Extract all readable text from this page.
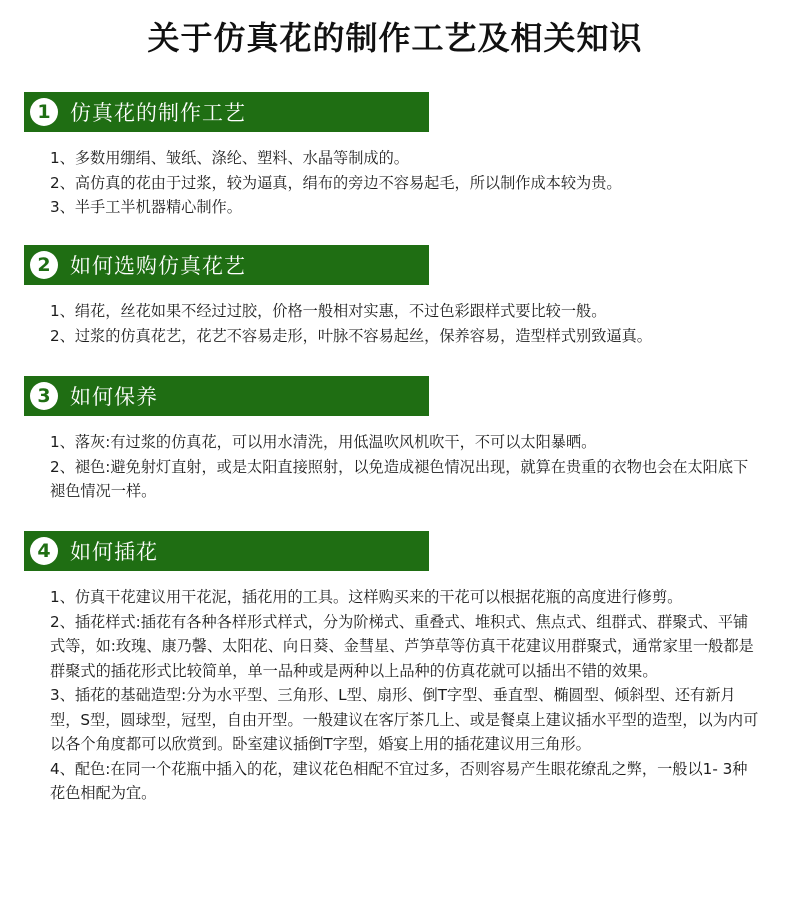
关于仿真花的制作工艺及相关知识
1 仿真花的制作工艺
1、多数用绷绢、皱纸、涤纶、塑料、水晶等制成的。
2、高仿真的花由于过浆，较为逼真，绢布的旁边不容易起毛，所以制作成本较为贵。
3、半手工半机器精心制作。
2 如何选购仿真花艺
1、绢花，丝花如果不经过过胶，价格一般相对实惠，不过色彩跟样式要比较一般。
2、过浆的仿真花艺，花艺不容易走形，叶脉不容易起丝，保养容易，造型样式别致逼真。
3 如何保养
1、落灰:有过浆的仿真花，可以用水清洗，用低温吹风机吹干，不可以太阳暴晒。
2、褪色:避免射灯直射，或是太阳直接照射，以免造成褪色情况出现，就算在贵重的衣物也会在太阳底下褪色情况一样。
4 如何插花
1、仿真干花建议用干花泥，插花用的工具。这样购买来的干花可以根据花瓶的高度进行修剪。
2、插花样式:插花有各种各样形式样式，分为阶梯式、重叠式、堆积式、焦点式、组群式、群聚式、平铺式等，如:玫瑰、康乃馨、太阳花、向日葵、金彗星、芦笋草等仿真干花建议用群聚式，通常家里一般都是群聚式的插花形式比较简单，单一品种或是两种以上品种的仿真花就可以插出不错的效果。
3、插花的基础造型:分为水平型、三角形、L型、扇形、倒T字型、垂直型、椭圆型、倾斜型、还有新月型，S型，圆球型，冠型，自由开型。一般建议在客厅茶几上、或是餐桌上建议插水平型的造型，以为内可以各个角度都可以欣赏到。卧室建议插倒T字型，婚宴上用的插花建议用三角形。
4、配色:在同一个花瓶中插入的花，建议花色相配不宜过多，否则容易产生眼花缭乱之弊，一般以1- 3种花色相配为宜。
